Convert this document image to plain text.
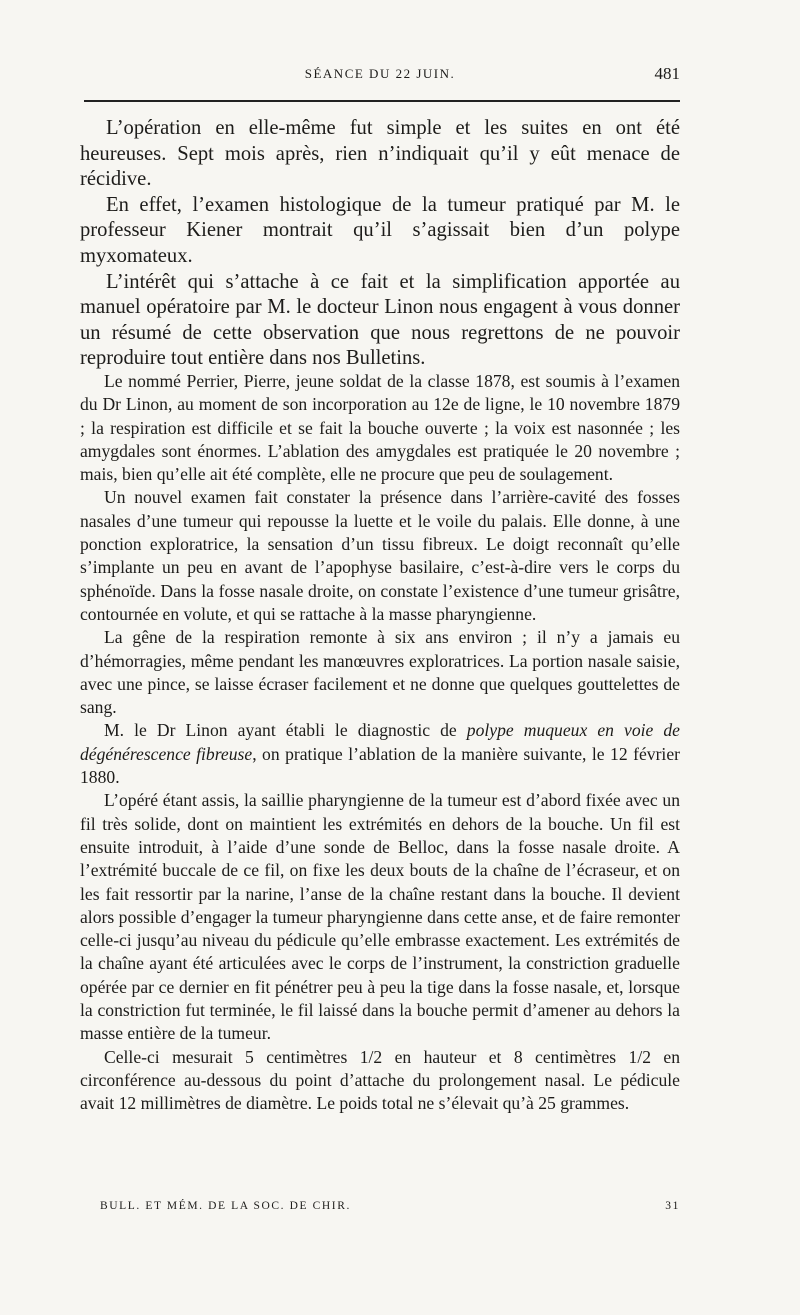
SÉANCE DU 22 JUIN.	481

L’opération en elle-même fut simple et les suites en ont été heureuses. Sept mois après, rien n’indiquait qu’il y eût menace de récidive.

En effet, l’examen histologique de la tumeur pratiqué par M. le professeur Kiener montrait qu’il s’agissait bien d’un polype myxomateux.

L’intérêt qui s’attache à ce fait et la simplification apportée au manuel opératoire par M. le docteur Linon nous engagent à vous donner un résumé de cette observation que nous regrettons de ne pouvoir reproduire tout entière dans nos Bulletins.

Le nommé Perrier, Pierre, jeune soldat de la classe 1878, est soumis à l’examen du Dr Linon, au moment de son incorporation au 12e de ligne, le 10 novembre 1879 ; la respiration est difficile et se fait la bouche ouverte ; la voix est nasonnée ; les amygdales sont énormes. L’ablation des amygdales est pratiquée le 20 novembre ; mais, bien qu’elle ait été complète, elle ne procure que peu de soulagement.

Un nouvel examen fait constater la présence dans l’arrière-cavité des fosses nasales d’une tumeur qui repousse la luette et le voile du palais. Elle donne, à une ponction exploratrice, la sensation d’un tissu fibreux. Le doigt reconnaît qu’elle s’implante un peu en avant de l’apophyse basilaire, c’est-à-dire vers le corps du sphénoïde. Dans la fosse nasale droite, on constate l’existence d’une tumeur grisâtre, contournée en volute, et qui se rattache à la masse pharyngienne.

La gêne de la respiration remonte à six ans environ ; il n’y a jamais eu d’hémorragies, même pendant les manœuvres exploratrices. La portion nasale saisie, avec une pince, se laisse écraser facilement et ne donne que quelques gouttelettes de sang.

M. le Dr Linon ayant établi le diagnostic de polype muqueux en voie de dégénérescence fibreuse, on pratique l’ablation de la manière suivante, le 12 février 1880.

L’opéré étant assis, la saillie pharyngienne de la tumeur est d’abord fixée avec un fil très solide, dont on maintient les extrémités en dehors de la bouche. Un fil est ensuite introduit, à l’aide d’une sonde de Belloc, dans la fosse nasale droite. A l’extrémité buccale de ce fil, on fixe les deux bouts de la chaîne de l’écraseur, et on les fait ressortir par la narine, l’anse de la chaîne restant dans la bouche. Il devient alors possible d’engager la tumeur pharyngienne dans cette anse, et de faire remonter celle-ci jusqu’au niveau du pédicule qu’elle embrasse exactement. Les extrémités de la chaîne ayant été articulées avec le corps de l’instrument, la constriction graduelle opérée par ce dernier en fit pénétrer peu à peu la tige dans la fosse nasale, et, lorsque la constriction fut terminée, le fil laissé dans la bouche permit d’amener au dehors la masse entière de la tumeur.

Celle-ci mesurait 5 centimètres 1/2 en hauteur et 8 centimètres 1/2 en circonférence au-dessous du point d’attache du prolongement nasal. Le pédicule avait 12 millimètres de diamètre. Le poids total ne s’élevait qu’à 25 grammes.

BULL. ET MÉM. DE LA SOC. DE CHIR.	31
